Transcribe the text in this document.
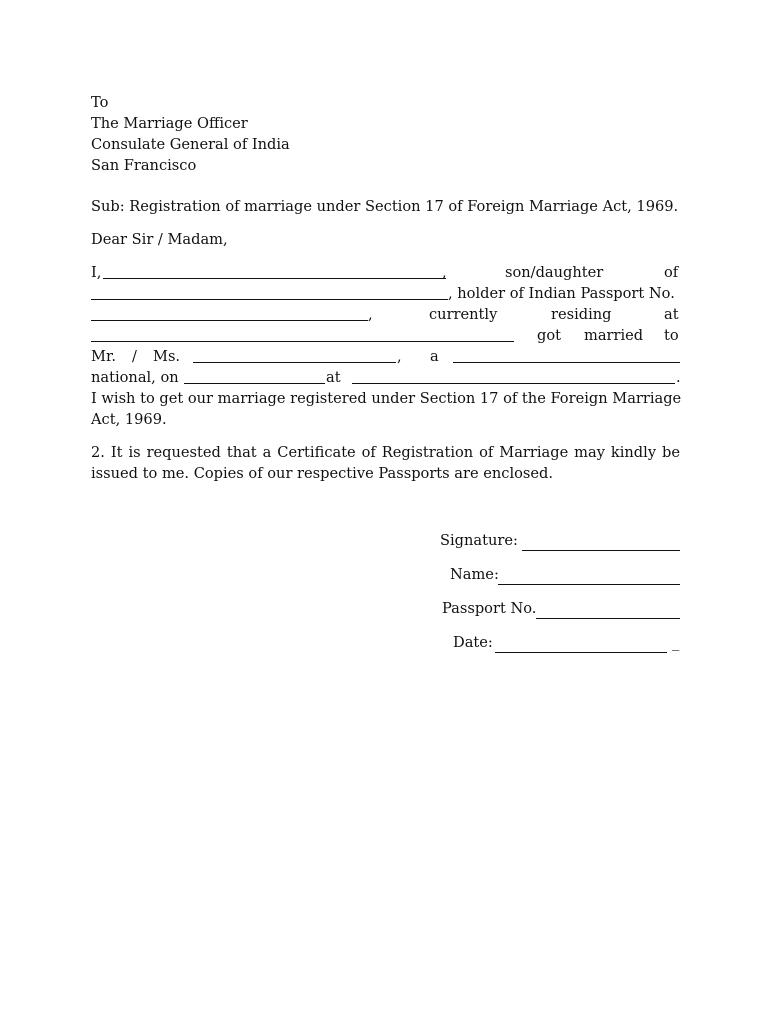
To
The Marriage Officer
Consulate General of India
San Francisco
Sub: Registration of marriage under Section 17 of Foreign Marriage Act, 1969.
Dear Sir / Madam,
I,	,	son/daughter	of
, holder of Indian Passport No.
,	currently	residing	at
got married to
Mr. / Ms.	, a
national, on	at	.
I wish to get our marriage registered under Section 17 of the Foreign Marriage
Act, 1969.
2. It is requested that a Certificate of Registration of Marriage may kindly be issued to me. Copies of our respective Passports are enclosed.
Signature:
Name:
Passport No.
Date:	_
